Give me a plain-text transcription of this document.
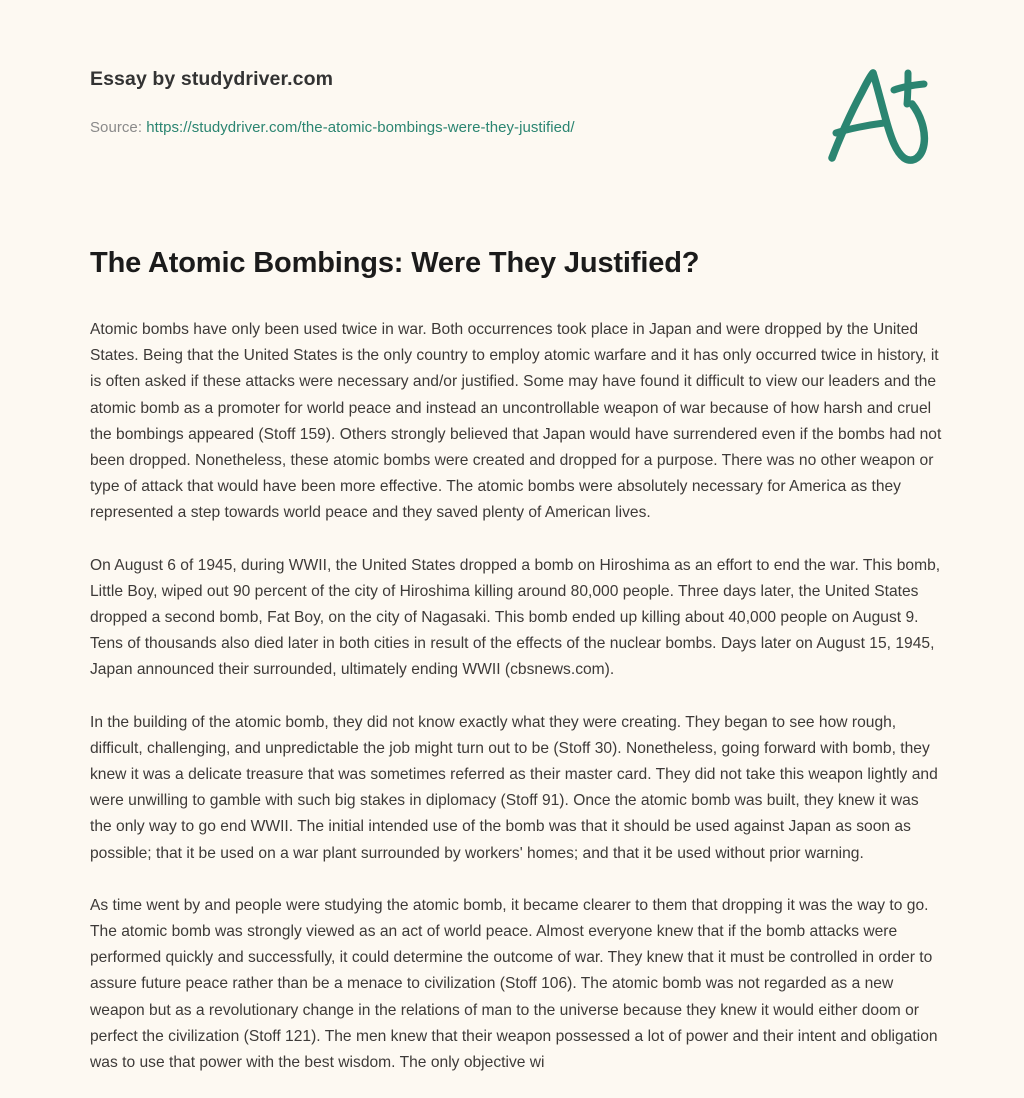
Essay by studydriver.com
Source: https://studydriver.com/the-atomic-bombings-were-they-justified/
The Atomic Bombings: Were They Justified?

Atomic bombs have only been used twice in war. Both occurrences took place in Japan and were dropped by the United States. Being that the United States is the only country to employ atomic warfare and it has only occurred twice in history, it is often asked if these attacks were necessary and/or justified. Some may have found it difficult to view our leaders and the atomic bomb as a promoter for world peace and instead an uncontrollable weapon of war because of how harsh and cruel the bombings appeared (Stoff 159). Others strongly believed that Japan would have surrendered even if the bombs had not been dropped. Nonetheless, these atomic bombs were created and dropped for a purpose. There was no other weapon or type of attack that would have been more effective. The atomic bombs were absolutely necessary for America as they represented a step towards world peace and they saved plenty of American lives.

On August 6 of 1945, during WWII, the United States dropped a bomb on Hiroshima as an effort to end the war. This bomb, Little Boy, wiped out 90 percent of the city of Hiroshima killing around 80,000 people. Three days later, the United States dropped a second bomb, Fat Boy, on the city of Nagasaki. This bomb ended up killing about 40,000 people on August 9. Tens of thousands also died later in both cities in result of the effects of the nuclear bombs. Days later on August 15, 1945, Japan announced their surrounded, ultimately ending WWII (cbsnews.com).

In the building of the atomic bomb, they did not know exactly what they were creating. They began to see how rough, difficult, challenging, and unpredictable the job might turn out to be (Stoff 30). Nonetheless, going forward with bomb, they knew it was a delicate treasure that was sometimes referred as their master card. They did not take this weapon lightly and were unwilling to gamble with such big stakes in diplomacy (Stoff 91). Once the atomic bomb was built, they knew it was the only way to go end WWII. The initial intended use of the bomb was that it should be used against Japan as soon as possible; that it be used on a war plant surrounded by workers' homes; and that it be used without prior warning.

As time went by and people were studying the atomic bomb, it became clearer to them that dropping it was the way to go. The atomic bomb was strongly viewed as an act of world peace. Almost everyone knew that if the bomb attacks were performed quickly and successfully, it could determine the outcome of war. They knew that it must be controlled in order to assure future peace rather than be a menace to civilization (Stoff 106). The atomic bomb was not regarded as a new weapon but as a revolutionary change in the relations of man to the universe because they knew it would either doom or perfect the civilization (Stoff 121). The men knew that their weapon possessed a lot of power and their intent and obligation was to use that power with the best wisdom. The only objective wi
